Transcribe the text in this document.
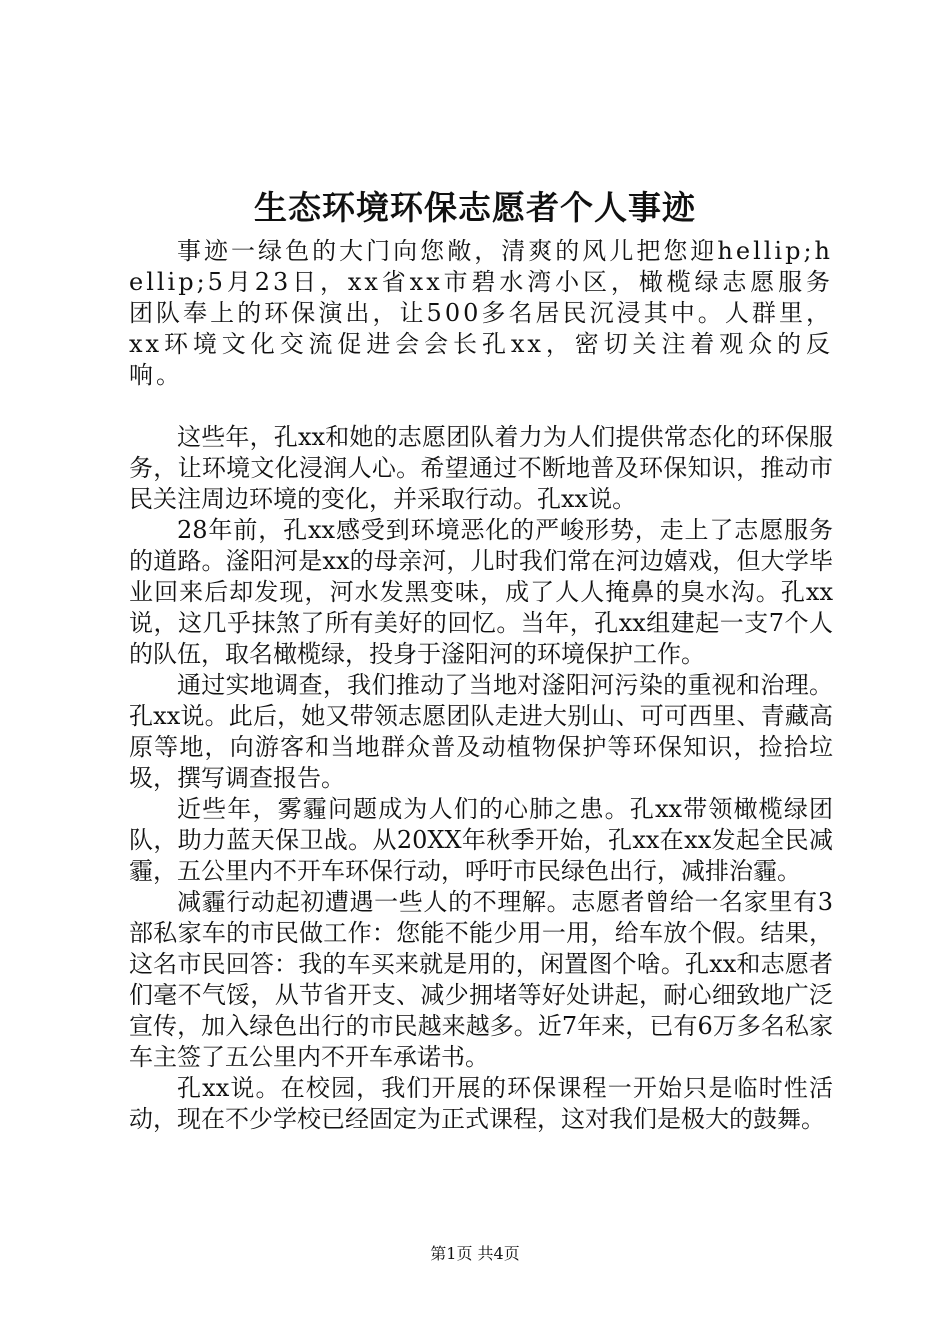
生态环境环保志愿者个人事迹

事迹一绿色的大门向您敞，清爽的风儿把您迎hellip;hellip;5月23日，xx省xx市碧水湾小区，橄榄绿志愿服务团队奉上的环保演出，让500多名居民沉浸其中。人群里，xx环境文化交流促进会会长孔xx，密切关注着观众的反响。

这些年，孔xx和她的志愿团队着力为人们提供常态化的环保服务，让环境文化浸润人心。希望通过不断地普及环保知识，推动市民关注周边环境的变化，并采取行动。孔xx说。

28年前，孔xx感受到环境恶化的严峻形势，走上了志愿服务的道路。滏阳河是xx的母亲河，儿时我们常在河边嬉戏，但大学毕业回来后却发现，河水发黑变味，成了人人掩鼻的臭水沟。孔xx说，这几乎抹煞了所有美好的回忆。当年，孔xx组建起一支7个人的队伍，取名橄榄绿，投身于滏阳河的环境保护工作。

通过实地调查，我们推动了当地对滏阳河污染的重视和治理。孔xx说。此后，她又带领志愿团队走进大别山、可可西里、青藏高原等地，向游客和当地群众普及动植物保护等环保知识，捡拾垃圾，撰写调查报告。

近些年，雾霾问题成为人们的心肺之患。孔xx带领橄榄绿团队，助力蓝天保卫战。从20XX年秋季开始，孔xx在xx发起全民减霾，五公里内不开车环保行动，呼吁市民绿色出行，减排治霾。

减霾行动起初遭遇一些人的不理解。志愿者曾给一名家里有3部私家车的市民做工作：您能不能少用一用，给车放个假。结果，这名市民回答：我的车买来就是用的，闲置图个啥。孔xx和志愿者们毫不气馁，从节省开支、减少拥堵等好处讲起，耐心细致地广泛宣传，加入绿色出行的市民越来越多。近7年来，已有6万多名私家车主签了五公里内不开车承诺书。

孔xx说。在校园，我们开展的环保课程一开始只是临时性活动，现在不少学校已经固定为正式课程，这对我们是极大的鼓舞。

第1页 共4页
